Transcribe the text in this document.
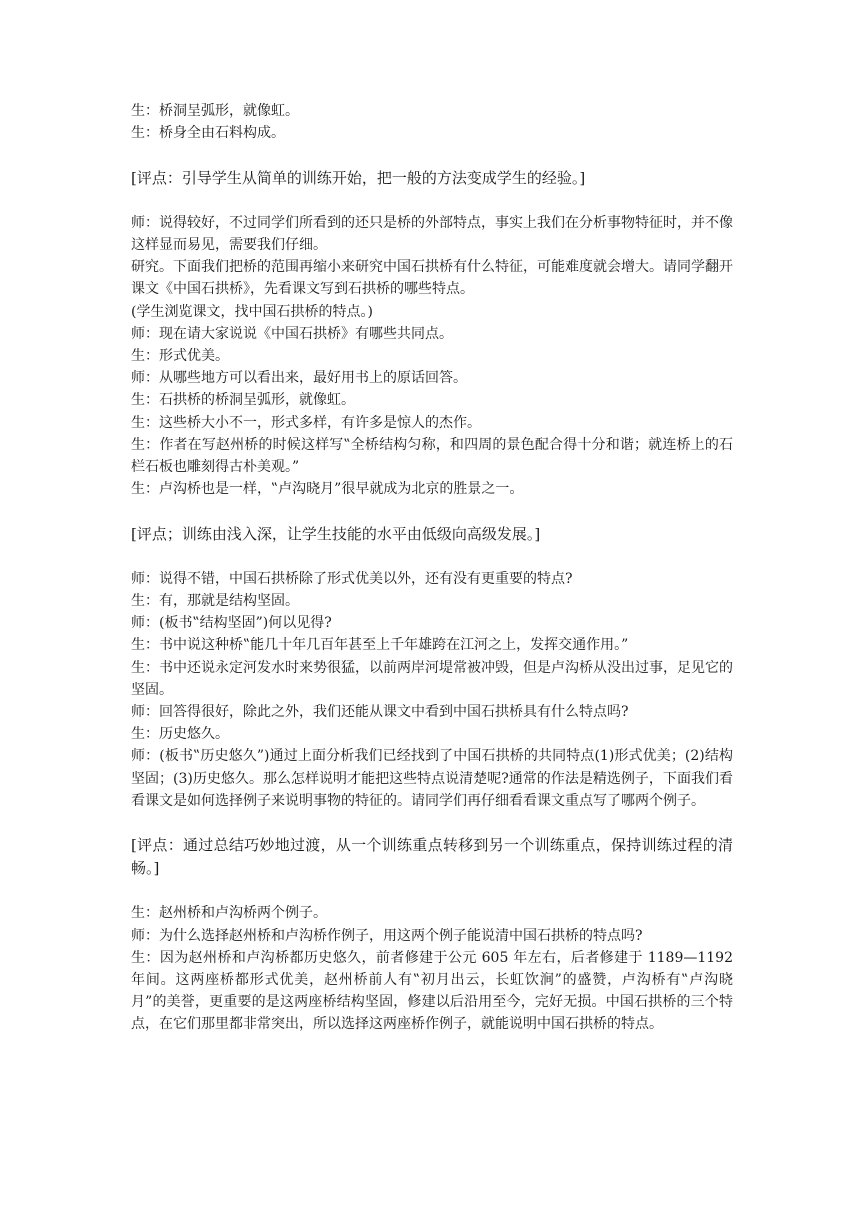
生：桥洞呈弧形，就像虹。

生：桥身全由石料构成。

[评点：引导学生从简单的训练开始，把一般的方法变成学生的经验。]

师：说得较好，不过同学们所看到的还只是桥的外部特点，事实上我们在分析事物特征时，并不像这样显而易见，需要我们仔细。

研究。下面我们把桥的范围再缩小来研究中国石拱桥有什么特征，可能难度就会增大。请同学翻开课文《中国石拱桥》，先看课文写到石拱桥的哪些特点。

(学生浏览课文，找中国石拱桥的特点。)

师：现在请大家说说《中国石拱桥》有哪些共同点。

生：形式优美。

师：从哪些地方可以看出来，最好用书上的原话回答。

生：石拱桥的桥洞呈弧形，就像虹。

生：这些桥大小不一，形式多样，有许多是惊人的杰作。

生：作者在写赵州桥的时候这样写‟全桥结构匀称，和四周的景色配合得十分和谐；就连桥上的石栏石板也雕刻得古朴美观。”

生：卢沟桥也是一样，‟卢沟晓月”很早就成为北京的胜景之一。

[评点；训练由浅入深，让学生技能的水平由低级向高级发展。]

师：说得不错，中国石拱桥除了形式优美以外，还有没有更重要的特点?

生：有，那就是结构坚固。

师：(板书‟结构坚固”)何以见得?

生：书中说这种桥‟能几十年几百年甚至上千年雄跨在江河之上，发挥交通作用。”

生：书中还说永定河发水时来势很猛，以前两岸河堤常被冲毁，但是卢沟桥从没出过事，足见它的坚固。

师：回答得很好，除此之外，我们还能从课文中看到中国石拱桥具有什么特点吗?

生：历史悠久。

师：(板书‟历史悠久”)通过上面分析我们已经找到了中国石拱桥的共同特点(1)形式优美；(2)结构坚固；(3)历史悠久。那么怎样说明才能把这些特点说清楚呢?通常的作法是精选例子，下面我们看看课文是如何选择例子来说明事物的特征的。请同学们再仔细看看课文重点写了哪两个例子。

[评点：通过总结巧妙地过渡，从一个训练重点转移到另一个训练重点，保持训练过程的清畅。]

生：赵州桥和卢沟桥两个例子。

师：为什么选择赵州桥和卢沟桥作例子，用这两个例子能说清中国石拱桥的特点吗?

生：因为赵州桥和卢沟桥都历史悠久，前者修建于公元 605 年左右，后者修建于 1189—1192 年间。这两座桥都形式优美，赵州桥前人有‟初月出云，长虹饮涧”的盛赞，卢沟桥有‟卢沟晓月”的美誉，更重要的是这两座桥结构坚固，修建以后沿用至今，完好无损。中国石拱桥的三个特点，在它们那里都非常突出，所以选择这两座桥作例子，就能说明中国石拱桥的特点。
